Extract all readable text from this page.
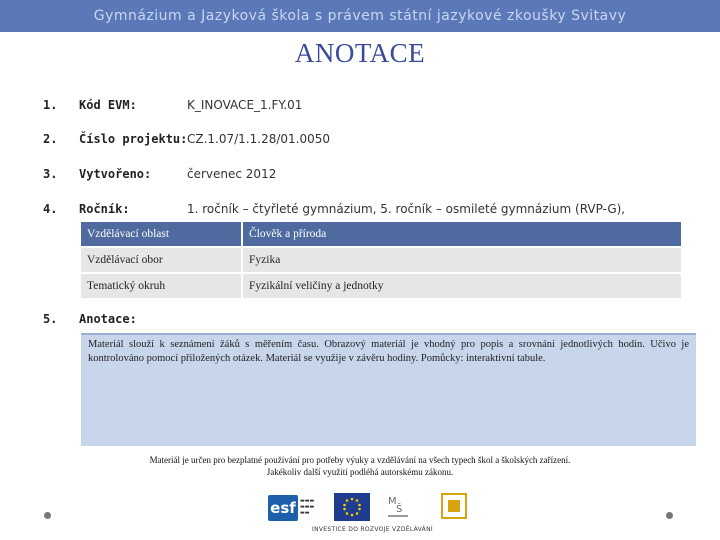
Gymnázium a Jazyková škola s právem státní jazykové zkoušky Svitavy
ANOTACE
1. Kód EVM:	K_INOVACE_1.FY.01
2. Číslo projektu: CZ.1.07/1.1.28/01.0050
3. Vytvořeno:	červenec 2012
4. Ročník:	1. ročník – čtyřleté gymnázium, 5. ročník – osmileté gymnázium (RVP-G),
Vzdělávací oblast	Člověk a příroda
Vzdělávací obor	Fyzika
Tematický okruh	Fyzikální veličiny a jednotky
5. Anotace:
Materiál slouží k seznámení žáků s měřením času. Obrazový materiál je vhodný pro popis a srovnání jednotlivých hodin. Učivo je kontrolováno pomocí přiložených otázek. Materiál se využije v závěru hodiny. Pomůcky: interaktivní tabule.
Materiál je určen pro bezplatné používání pro potřeby výuky a vzdělávání na všech typech škol a školských zařízení.
Jakékoliv další využití podléhá autorskému zákonu.
esf ▬▬▬
▬▬▬
▬▬
M
Š
INVESTICE DO ROZVOJE VZDĚLÁVÁNÍ
